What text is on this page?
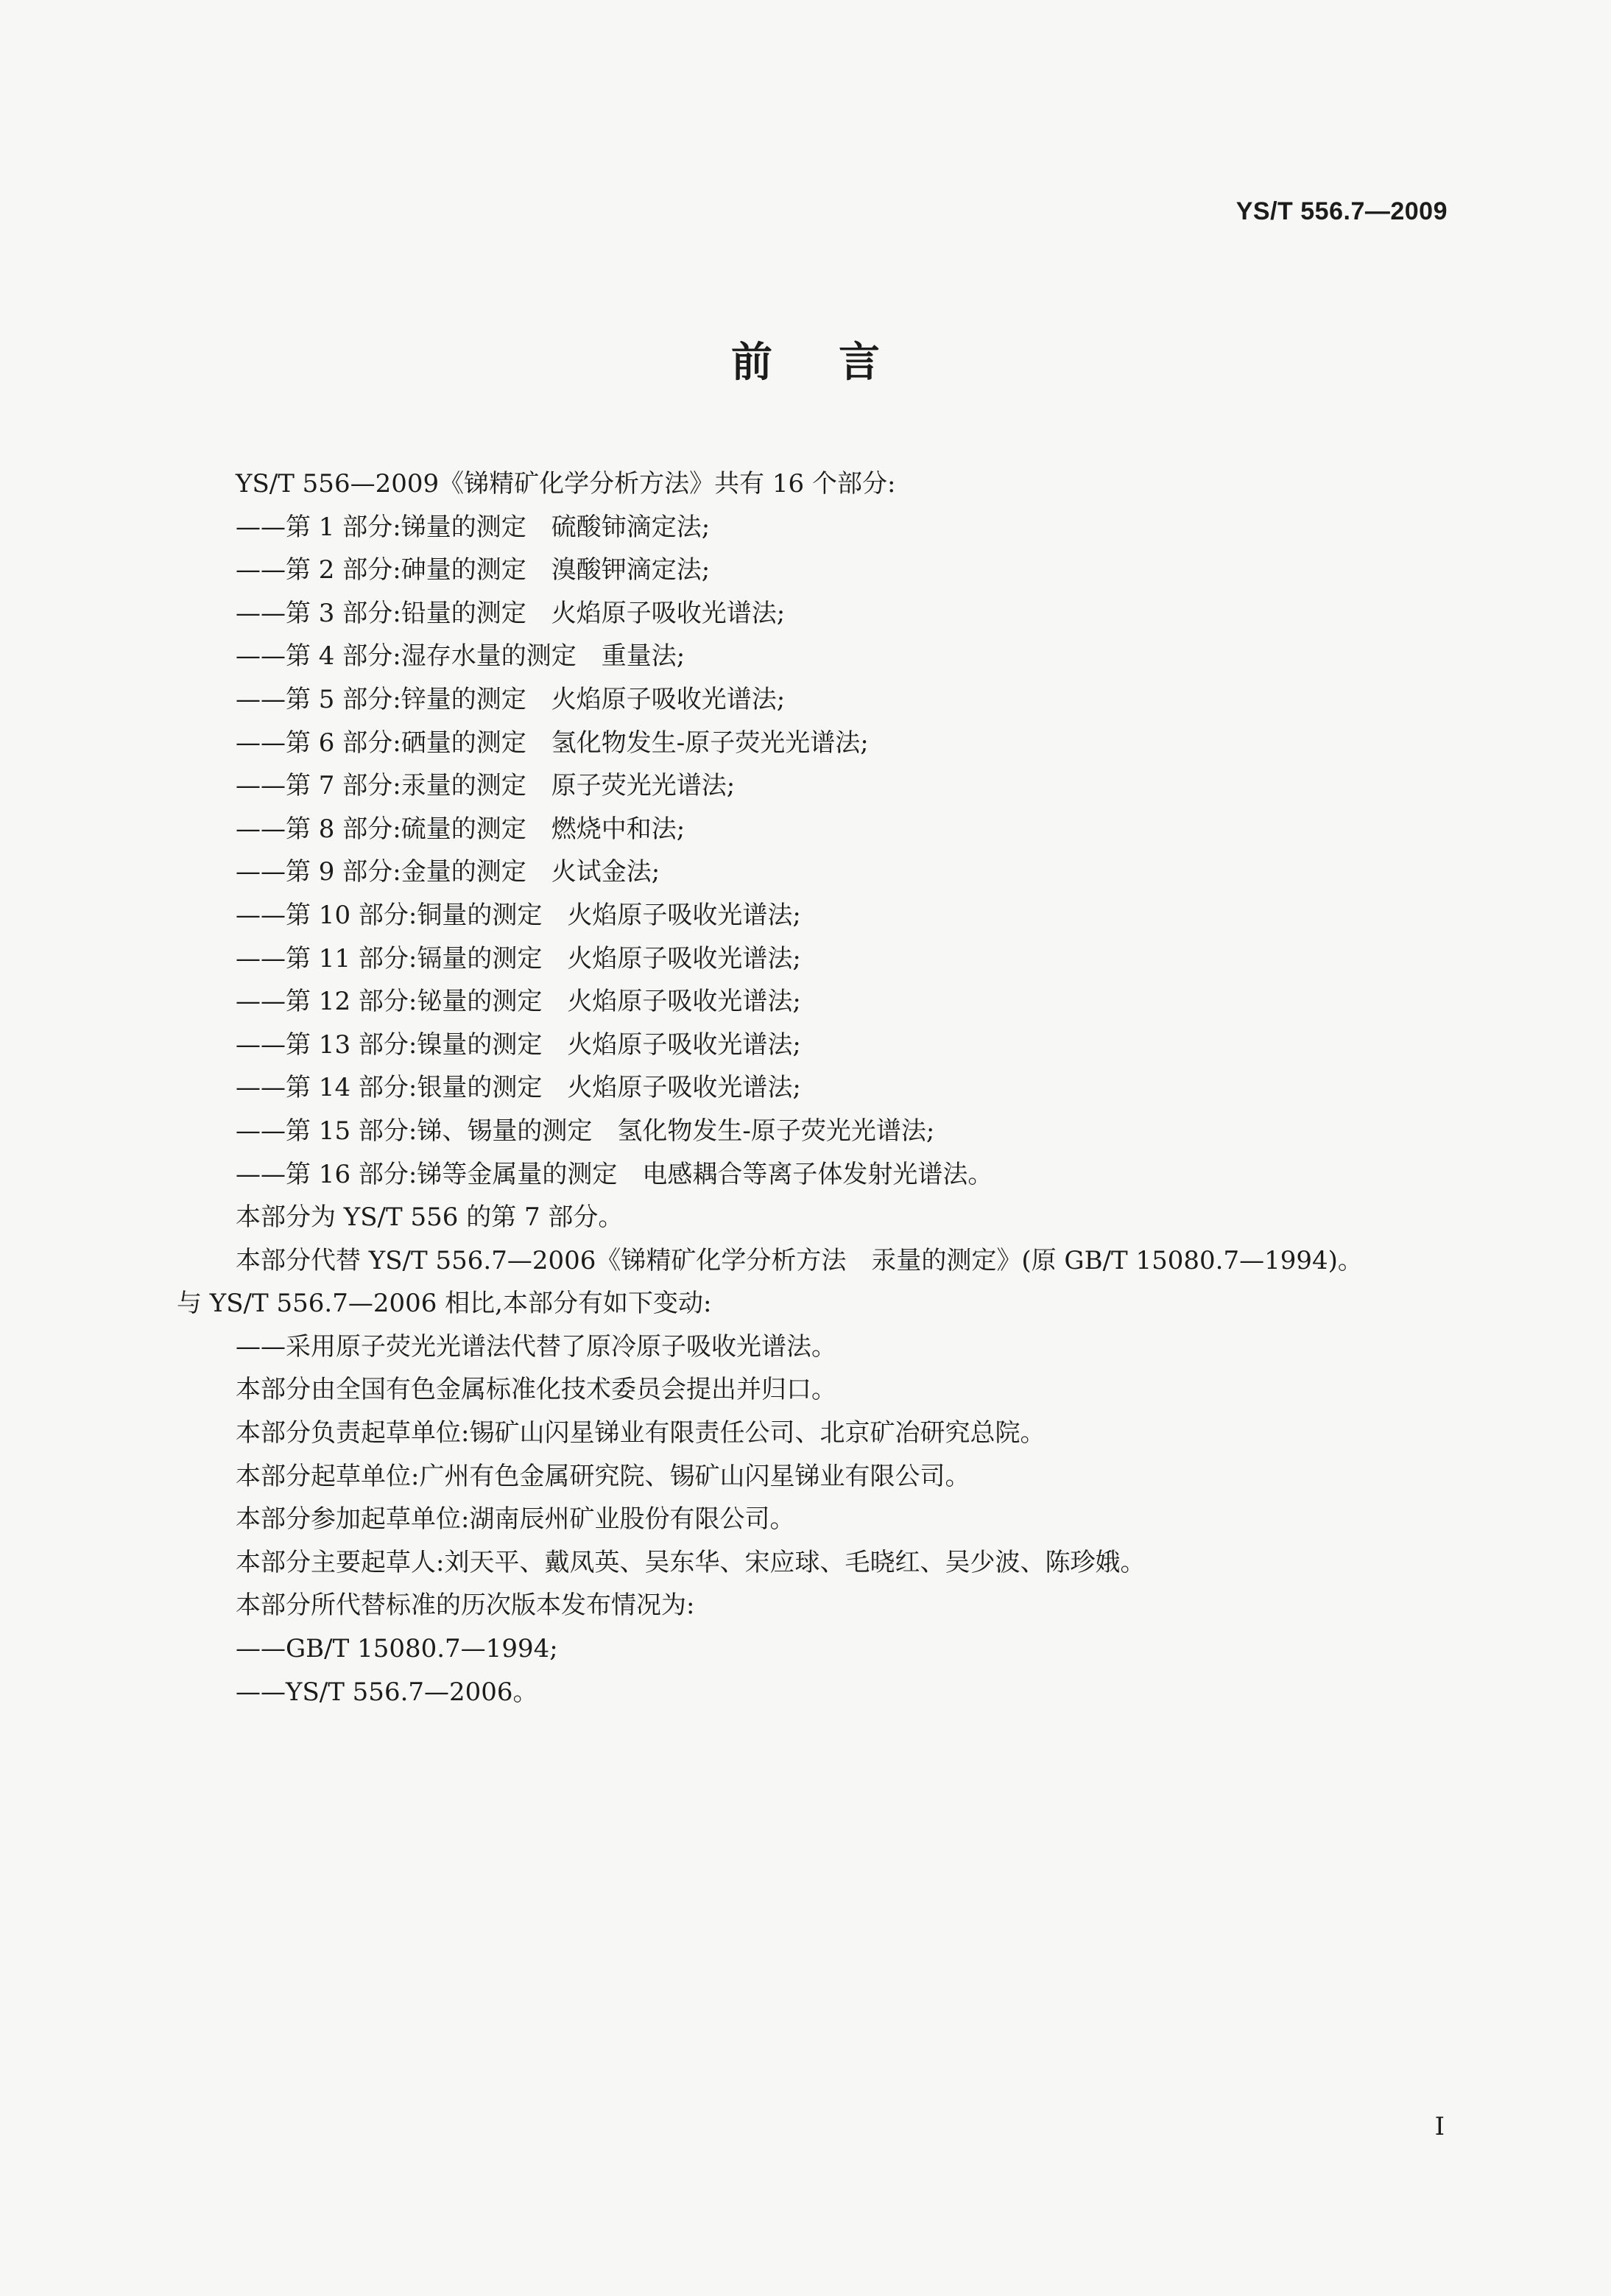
YS/T 556.7—2009
前言
YS/T 556—2009《锑精矿化学分析方法》共有 16 个部分:
——第 1 部分:锑量的测定　硫酸铈滴定法;
——第 2 部分:砷量的测定　溴酸钾滴定法;
——第 3 部分:铅量的测定　火焰原子吸收光谱法;
——第 4 部分:湿存水量的测定　重量法;
——第 5 部分:锌量的测定　火焰原子吸收光谱法;
——第 6 部分:硒量的测定　氢化物发生-原子荧光光谱法;
——第 7 部分:汞量的测定　原子荧光光谱法;
——第 8 部分:硫量的测定　燃烧中和法;
——第 9 部分:金量的测定　火试金法;
——第 10 部分:铜量的测定　火焰原子吸收光谱法;
——第 11 部分:镉量的测定　火焰原子吸收光谱法;
——第 12 部分:铋量的测定　火焰原子吸收光谱法;
——第 13 部分:镍量的测定　火焰原子吸收光谱法;
——第 14 部分:银量的测定　火焰原子吸收光谱法;
——第 15 部分:锑、锡量的测定　氢化物发生-原子荧光光谱法;
——第 16 部分:锑等金属量的测定　电感耦合等离子体发射光谱法。
本部分为 YS/T 556 的第 7 部分。
本部分代替 YS/T 556.7—2006《锑精矿化学分析方法　汞量的测定》(原 GB/T 15080.7—1994)。
与 YS/T 556.7—2006 相比,本部分有如下变动:
——采用原子荧光光谱法代替了原冷原子吸收光谱法。
本部分由全国有色金属标准化技术委员会提出并归口。
本部分负责起草单位:锡矿山闪星锑业有限责任公司、北京矿冶研究总院。
本部分起草单位:广州有色金属研究院、锡矿山闪星锑业有限公司。
本部分参加起草单位:湖南辰州矿业股份有限公司。
本部分主要起草人:刘天平、戴凤英、吴东华、宋应球、毛晓红、吴少波、陈珍娥。
本部分所代替标准的历次版本发布情况为:
——GB/T 15080.7—1994;
——YS/T 556.7—2006。
I
